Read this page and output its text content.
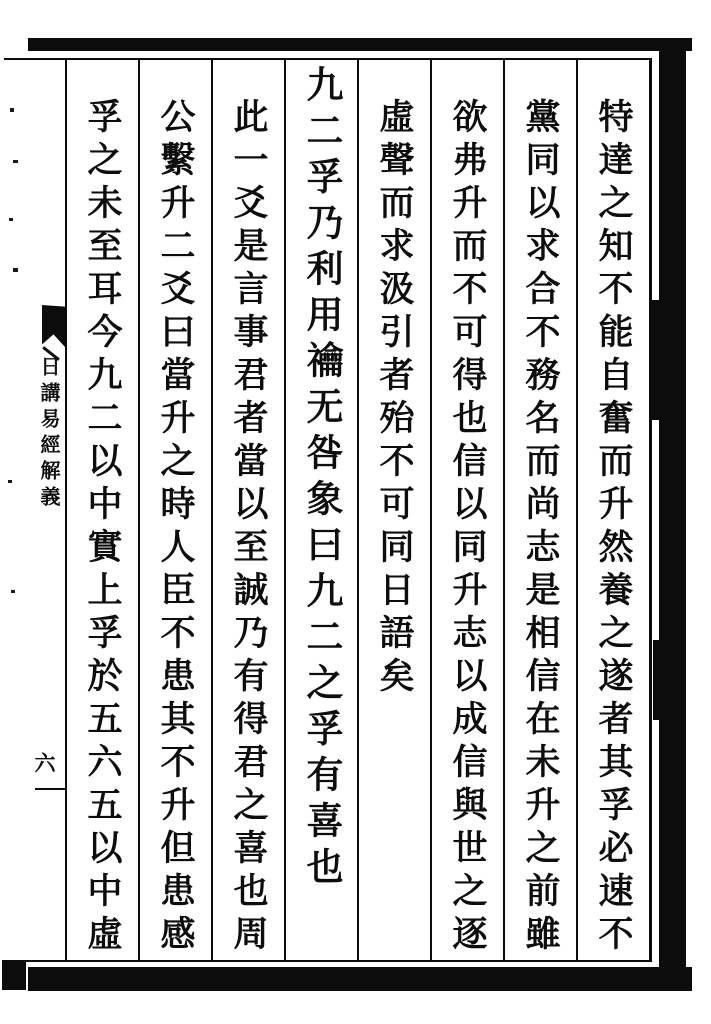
特達之知不能自奮而升然養之遂者其孚必速不
黨同以求合不務名而尚志是相信在未升之前雖
欲弗升而不可得也信以同升志以成信與世之逐
虛聲而求汲引者殆不可同日語矣
九二孚乃利用禴无咎象曰九二之孚有喜也
此一爻是言事君者當以至誠乃有得君之喜也周
公繫升二爻曰當升之時人臣不患其不升但患感
孚之未至耳今九二以中實上孚於五六五以中虛
日講易經解義
六
